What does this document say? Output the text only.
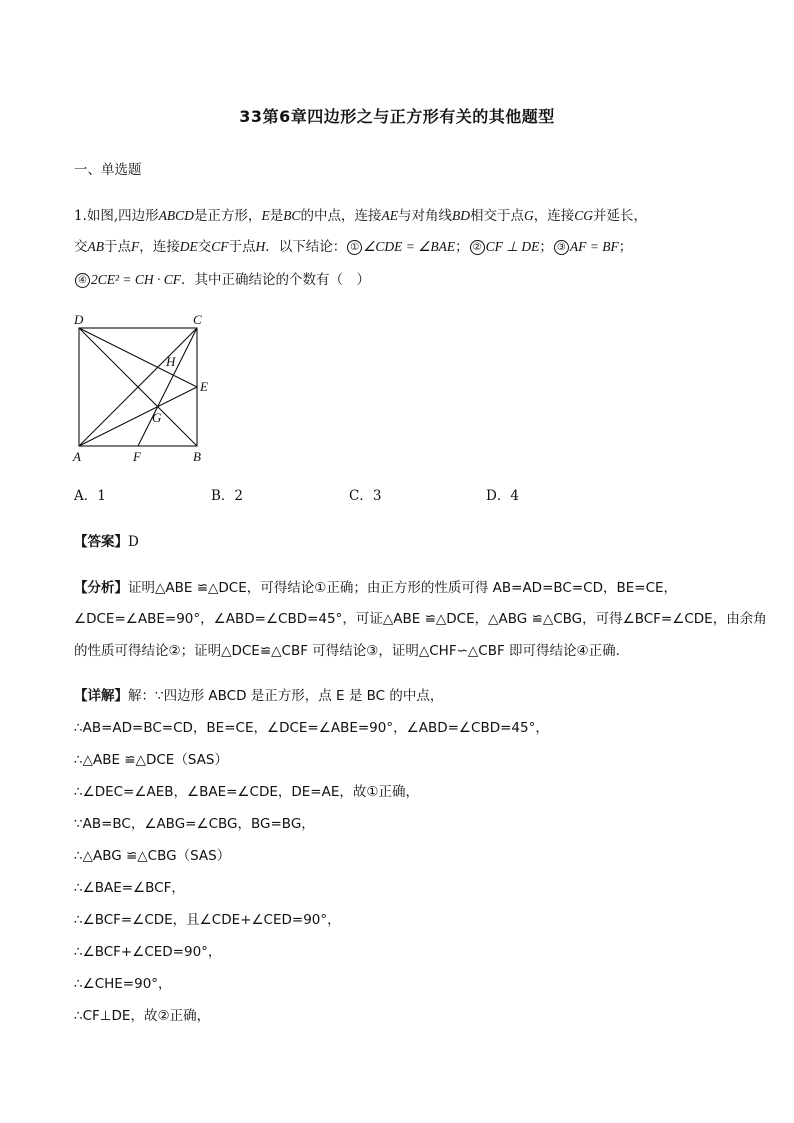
33第6章四边形之与正方形有关的其他题型
一、单选题
1.如图,四边形ABCD是正方形，E是BC的中点，连接AE与对角线BD相交于点G，连接CG并延长，
交AB于点F，连接DE交CF于点H．以下结论： ① ∠CDE = ∠BAE； ② CF ⊥ DE； ③ AF = BF；
④ 2CE² = CH · CF．其中正确结论的个数有（　）
D	C
H
E
G
A	F	B
A．1	B．2	C．3	D．4
【答案】D
【分析】证明△ABE ≌△DCE，可得结论①正确；由正方形的性质可得 AB=AD=BC=CD，BE=CE，
∠DCE=∠ABE=90°，∠ABD=∠CBD=45°，可证△ABE ≌△DCE，△ABG ≌△CBG，可得∠BCF=∠CDE，由余角
的性质可得结论②；证明△DCE≌△CBF 可得结论③，证明△CHF∽△CBF 即可得结论④正确．
【详解】解：∵四边形 ABCD 是正方形，点 E 是 BC 的中点，
∴AB=AD=BC=CD，BE=CE，∠DCE=∠ABE=90°，∠ABD=∠CBD=45°，
∴△ABE ≌△DCE（SAS）
∴∠DEC=∠AEB，∠BAE=∠CDE，DE=AE，故①正确，
∵AB=BC，∠ABG=∠CBG，BG=BG，
∴△ABG ≌△CBG（SAS）
∴∠BAE=∠BCF，
∴∠BCF=∠CDE，且∠CDE+∠CED=90°，
∴∠BCF+∠CED=90°，
∴∠CHE=90°，
∴CF⊥DE，故②正确，
